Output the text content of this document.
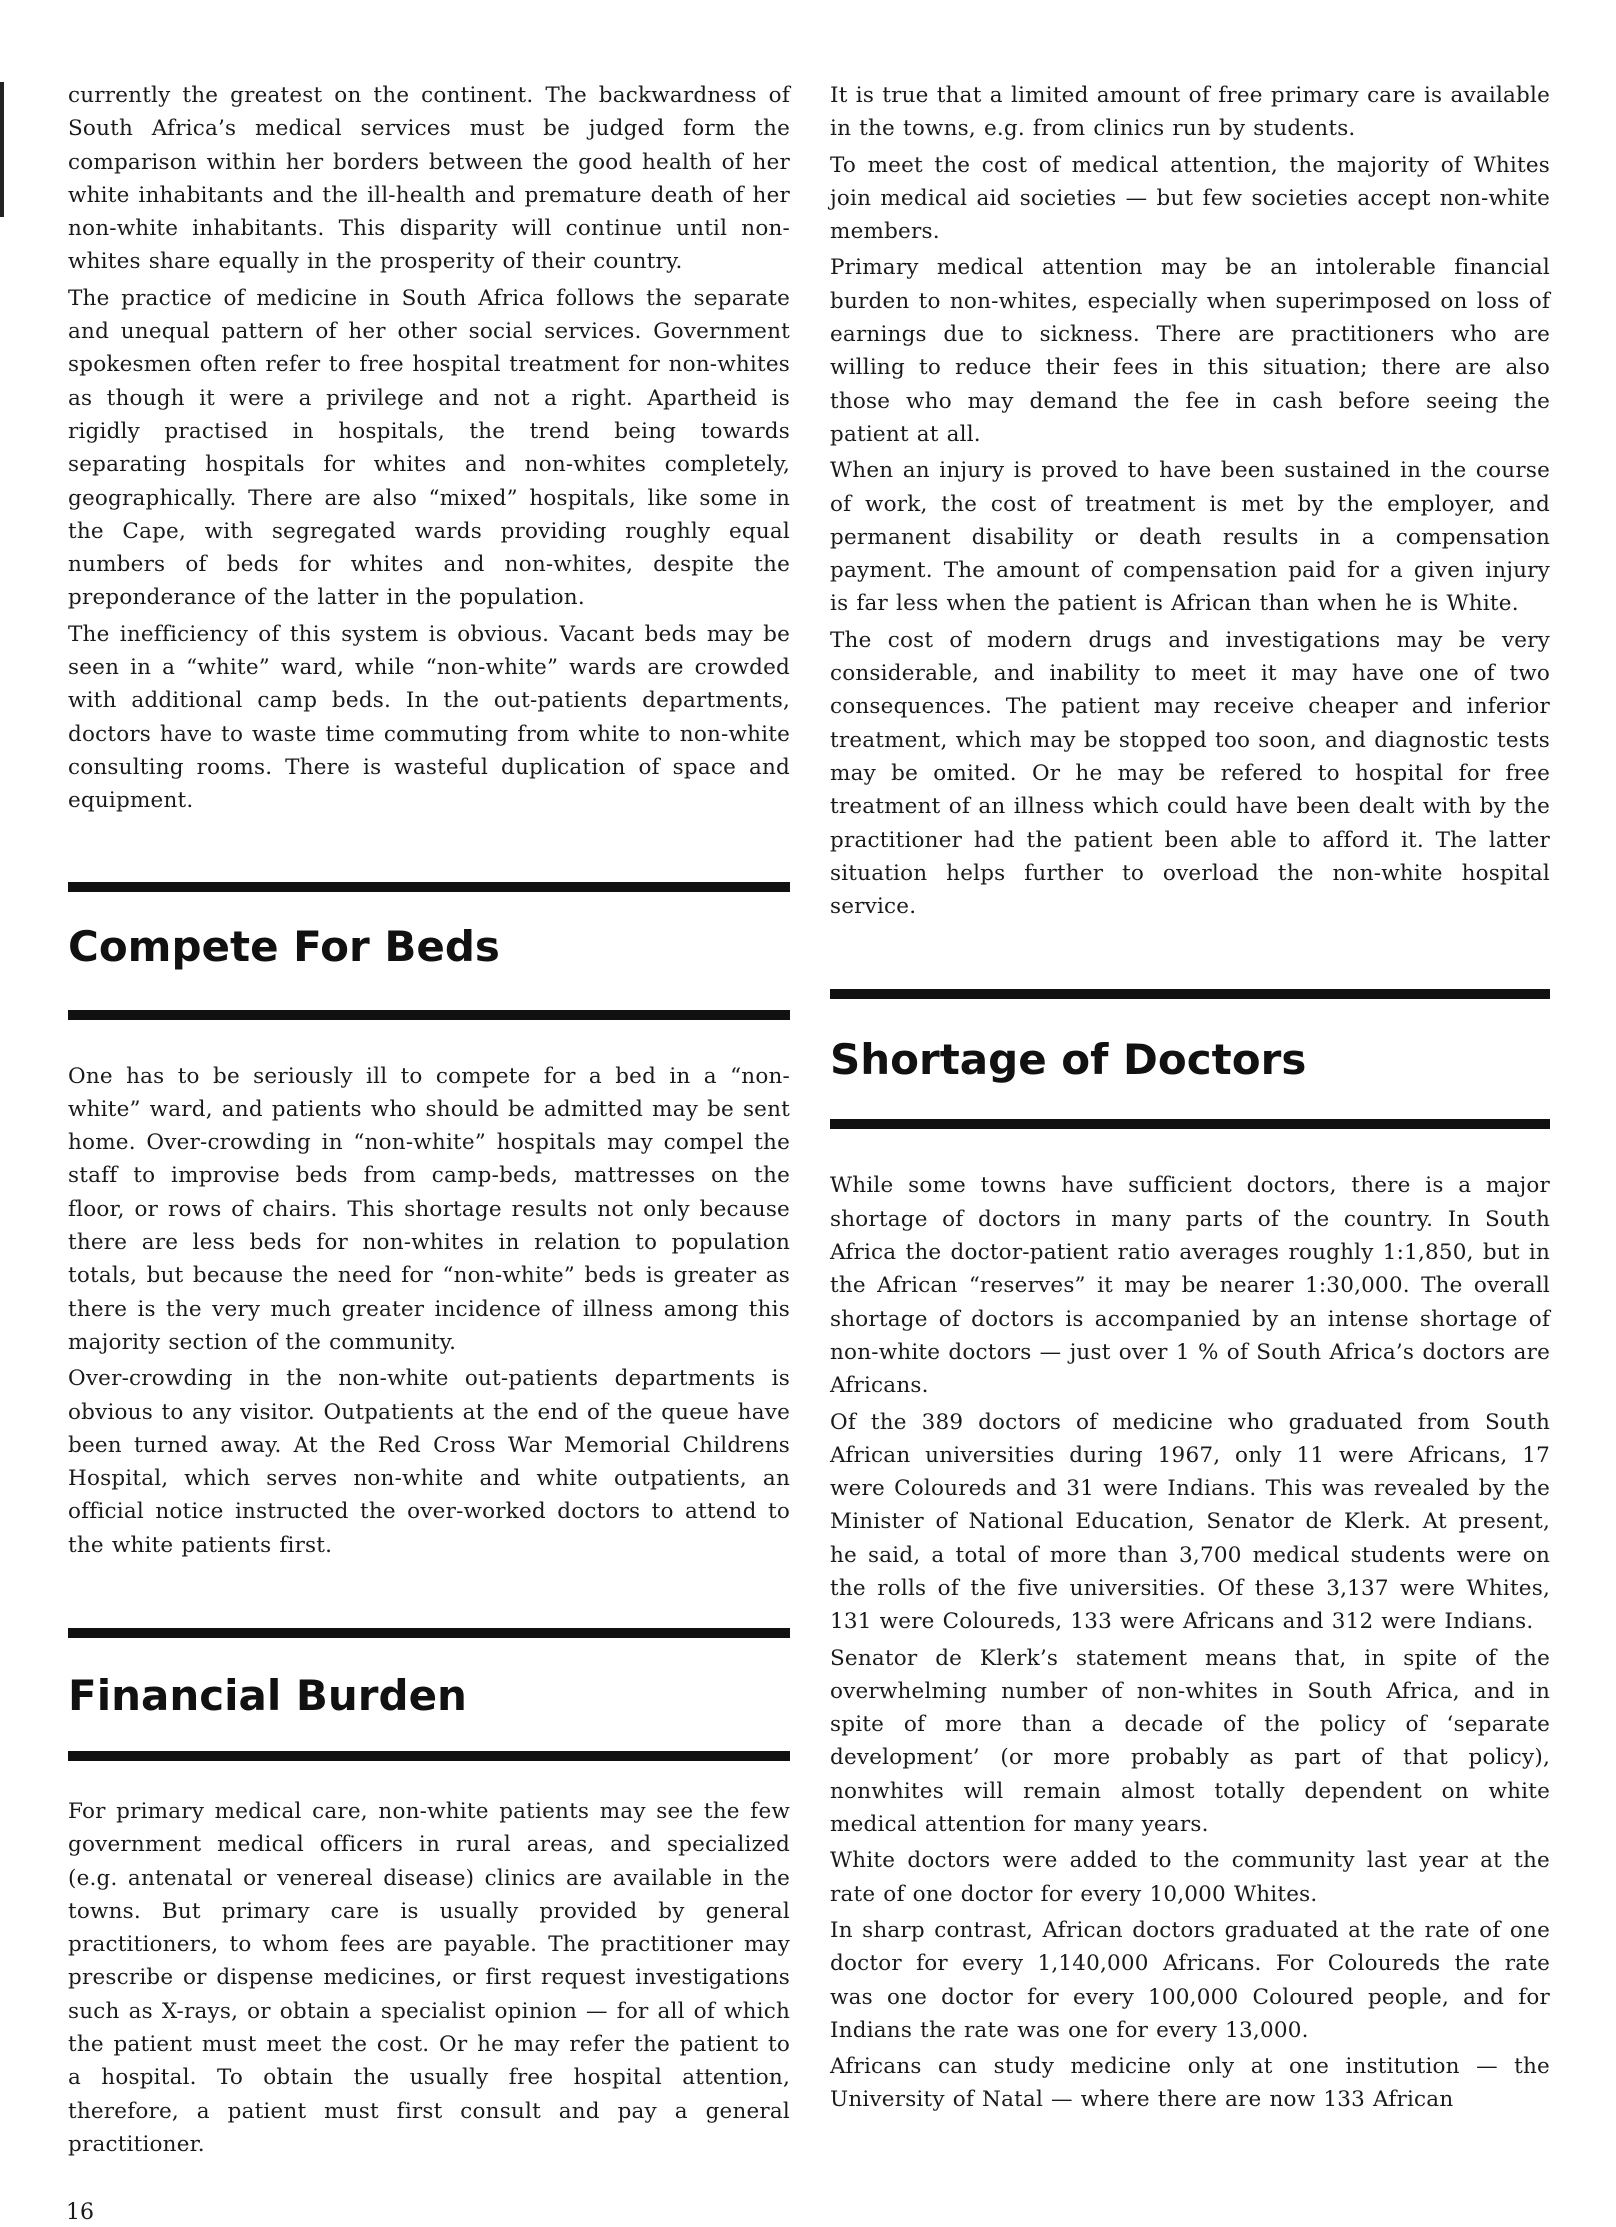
currently the greatest on the continent. The backwardness of South Africa’s medical services must be judged form the comparison within her borders between the good health of her white inhabitants and the ill-health and premature death of her non-white inhabitants. This disparity will continue until non-whites share equally in the prosperity of their country.

The practice of medicine in South Africa follows the separate and unequal pattern of her other social services. Government spokesmen often refer to free hospital treatment for non-whites as though it were a privilege and not a right. Apartheid is rigidly practised in hospitals, the trend being towards separating hospitals for whites and non-whites completely, geographically. There are also “mixed” hospitals, like some in the Cape, with segregated wards providing roughly equal numbers of beds for whites and non-whites, despite the preponderance of the latter in the population.

The inefficiency of this system is obvious. Vacant beds may be seen in a “white” ward, while “non-white” wards are crowded with additional camp beds. In the out-patients departments, doctors have to waste time commuting from white to non-white consulting rooms. There is wasteful duplication of space and equipment.

Compete For Beds

One has to be seriously ill to compete for a bed in a “non-white” ward, and patients who should be admitted may be sent home. Over-crowding in “non-white” hospitals may compel the staff to improvise beds from camp-beds, mattresses on the floor, or rows of chairs. This shortage results not only because there are less beds for non-whites in relation to population totals, but because the need for “non-white” beds is greater as there is the very much greater incidence of illness among this majority section of the community.

Over-crowding in the non-white out-patients departments is obvious to any visitor. Outpatients at the end of the queue have been turned away. At the Red Cross War Memorial Childrens Hospital, which serves non-white and white outpatients, an official notice instructed the over-worked doctors to attend to the white patients first.

Financial Burden

For primary medical care, non-white patients may see the few government medical officers in rural areas, and specialized (e.g. antenatal or venereal disease) clinics are available in the towns. But primary care is usually provided by general practitioners, to whom fees are payable. The practitioner may prescribe or dispense medicines, or first request investigations such as X-rays, or obtain a specialist opinion — for all of which the patient must meet the cost. Or he may refer the patient to a hospital. To obtain the usually free hospital attention, therefore, a patient must first consult and pay a general practitioner.

It is true that a limited amount of free primary care is available in the towns, e.g. from clinics run by students.

To meet the cost of medical attention, the majority of Whites join medical aid societies — but few societies accept non-white members.

Primary medical attention may be an intolerable financial burden to non-whites, especially when superimposed on loss of earnings due to sickness. There are practitioners who are willing to reduce their fees in this situation; there are also those who may demand the fee in cash before seeing the patient at all.

When an injury is proved to have been sustained in the course of work, the cost of treatment is met by the employer, and permanent disability or death results in a compensation payment. The amount of compensation paid for a given injury is far less when the patient is African than when he is White.

The cost of modern drugs and investigations may be very considerable, and inability to meet it may have one of two consequences. The patient may receive cheaper and inferior treatment, which may be stopped too soon, and diagnostic tests may be omited. Or he may be refered to hospital for free treatment of an illness which could have been dealt with by the practitioner had the patient been able to afford it. The latter situation helps further to overload the non-white hospital service.

Shortage of Doctors

While some towns have sufficient doctors, there is a major shortage of doctors in many parts of the country. In South Africa the doctor-patient ratio averages roughly 1:1,850, but in the African “reserves” it may be nearer 1:30,000. The overall shortage of doctors is accompanied by an intense shortage of non-white doctors — just over 1 % of South Africa’s doctors are Africans.

Of the 389 doctors of medicine who graduated from South African universities during 1967, only 11 were Africans, 17 were Coloureds and 31 were Indians. This was revealed by the Minister of National Education, Senator de Klerk. At present, he said, a total of more than 3,700 medical students were on the rolls of the five universities. Of these 3,137 were Whites, 131 were Coloureds, 133 were Africans and 312 were Indians.

Senator de Klerk’s statement means that, in spite of the overwhelming number of non-whites in South Africa, and in spite of more than a decade of the policy of ‘separate development’ (or more probably as part of that policy), nonwhites will remain almost totally dependent on white medical attention for many years.

White doctors were added to the community last year at the rate of one doctor for every 10,000 Whites.

In sharp contrast, African doctors graduated at the rate of one doctor for every 1,140,000 Africans. For Coloureds the rate was one doctor for every 100,000 Coloured people, and for Indians the rate was one for every 13,000.

Africans can study medicine only at one institution — the University of Natal — where there are now 133 African

16
